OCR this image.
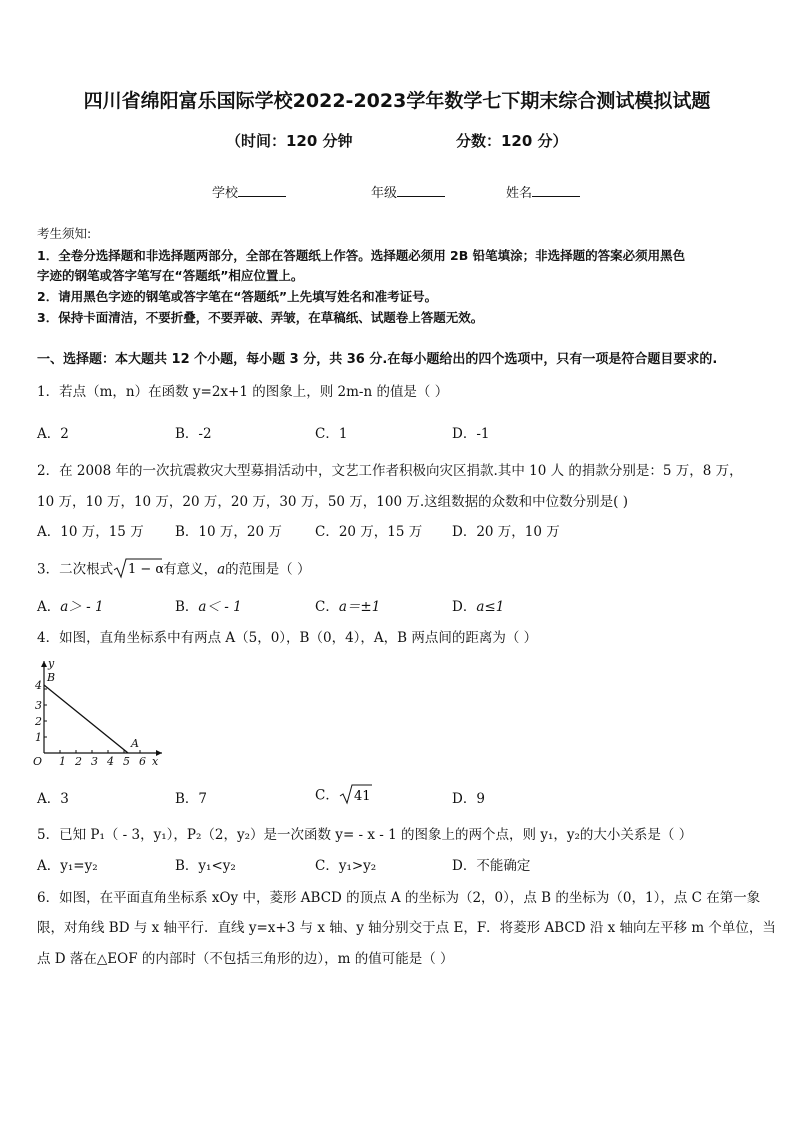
四川省绵阳富乐国际学校2022-2023学年数学七下期末综合测试模拟试题
（时间：120 分钟	分数：120 分）
学校	年级	姓名
考生须知:
1．全卷分选择题和非选择题两部分，全部在答题纸上作答。选择题必须用 2B 铅笔填涂；非选择题的答案必须用黑色
字迹的钢笔或答字笔写在“答题纸”相应位置上。
2．请用黑色字迹的钢笔或答字笔在“答题纸”上先填写姓名和准考证号。
3．保持卡面清洁，不要折叠，不要弄破、弄皱，在草稿纸、试题卷上答题无效。
一、选择题：本大题共 12 个小题，每小题 3 分，共 36 分.在每小题给出的四个选项中，只有一项是符合题目要求的.
1．若点（m，n）在函数 y=2x+1 的图象上，则 2m-n 的值是（ ）
A．2	B．-2	C．1	D．-1
2．在 2008 年的一次抗震救灾大型募捐活动中，文艺工作者积极向灾区捐款.其中 10 人 的捐款分别是：5 万，8 万，
10 万，10 万，10 万，20 万，20 万，30 万，50 万，100 万.这组数据的众数和中位数分别是( )
A．10 万，15 万 B．10 万，20 万 C．20 万，15 万 D．20 万，10 万
3．二次根式 1 − α
有意义，a的范围是（ ）
A．a＞ - 1	B．a＜ - 1	C．a＝±1	D．a≤1
4．如图，直角坐标系中有两点 A（5，0），B（0，4），A，B 两点间的距离为（ ）
1 2 3 4 5 6
1
2
3
4
O	x
y
B
A
A．3	B．7	C． 41	D．9
5．已知 P₁（ - 3，y₁），P₂（2，y₂）是一次函数 y= - x - 1 的图象上的两个点，则 y₁，y₂的大小关系是（ ）
A．y₁=y₂	B．y₁<y₂	C．y₁>y₂	D．不能确定
6．如图，在平面直角坐标系 xOy 中，菱形 ABCD 的顶点 A 的坐标为（2，0），点 B 的坐标为（0，1），点 C 在第一象
限，对角线 BD 与 x 轴平行．直线 y=x+3 与 x 轴、y 轴分别交于点 E，F．将菱形 ABCD 沿 x 轴向左平移 m 个单位，当
点 D 落在△EOF 的内部时（不包括三角形的边），m 的值可能是（ ）
